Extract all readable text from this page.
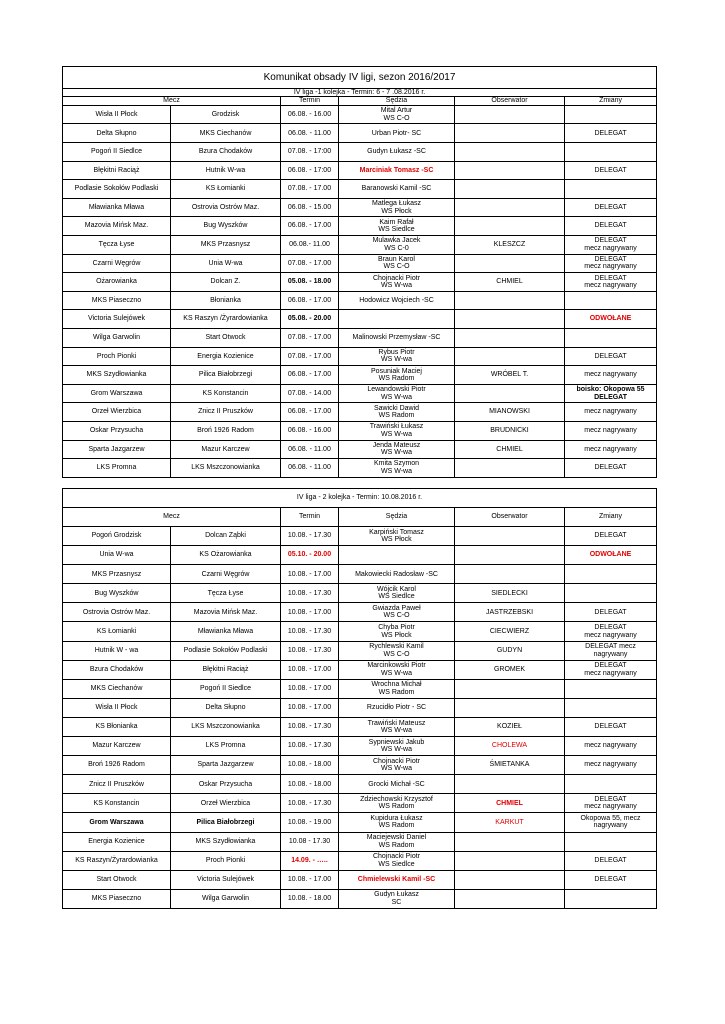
Komunikat obsady IV ligi, sezon 2016/2017					
IV liga -1 kolejka - Termin: 6 - 7 .08.2016 r.					
Mecz		Termin	Sędzia	Obserwator	Zmiany
Wisła II Płock	Grodzisk	06.08. - 16.00	Mital Artur
WS C-O		
Delta Słupno	MKS Ciechanów	06.08. - 11.00	Urban Piotr- SC		DELEGAT
Pogoń II Siedlce	Bzura Chodaków	07.08. - 17:00	Gudyn Łukasz -SC		
Błękitni Raciąż	Hutnik W-wa	06.08. - 17:00	Marciniak Tomasz -SC		DELEGAT
Podlasie Sokołów Podlaski	KS Łomianki	07.08. - 17.00	Baranowski Kamil -SC		
Mławianka Mława	Ostrovia Ostrów Maz.	06.08. - 15.00	Matlega Łukasz
WS Płock		DELEGAT
Mazovia Mińsk Maz.	Bug Wyszków	06.08. - 17.00	Kaim Rafał
WS Siedlce		DELEGAT
Tęcza Łyse	MKS Przasnysz	06.08.- 11.00	Mulawka Jacek
WS C-0	KLESZCZ	DELEGAT
mecz nagrywany
Czarni Węgrów	Unia W-wa	07.08. - 17.00	Braun Karol
WS C-O		DELEGAT
mecz nagrywany
Ożarowianka	Dolcan Z.	05.08. - 18.00	Chojnacki Piotr
WS W-wa	CHMIEL	DELEGAT
mecz nagrywany
MKS Piaseczno	Błonianka	06.08. - 17.00	Hodowicz Wojciech -SC		
Victoria Sulejówek	KS Raszyn /Żyrardowianka	05.08. - 20.00			ODWOŁANE
Wilga Garwolin	Start Otwock	07.08. - 17.00	Malinowski Przemysław -SC		
Proch Pionki	Energia Kozienice	07.08. - 17.00	Rybus Piotr
WS W-wa		DELEGAT
MKS Szydłowianka	Pilica Białobrzegi	06.08. - 17.00	Posuniak Maciej
WS Radom	WRÓBEL T.	mecz nagrywany
Grom Warszawa	KS Konstancin	07.08. - 14.00	Lewandowski Piotr
WS W-wa		boisko: Okopowa 55
DELEGAT
Orzeł Wierzbica	Znicz II Pruszków	06.08. - 17.00	Sawicki Dawid
WS Radom	MIANOWSKI	mecz nagrywany
Oskar Przysucha	Broń 1926 Radom	06.08. - 16.00	Trawiński Łukasz
WS W-wa	BRUDNICKI	mecz nagrywany
Sparta Jazgarzew	Mazur Karczew	06.08. - 11.00	Jenda Mateusz
WS W-wa	CHMIEL	mecz nagrywany
LKS Promna	LKS Mszczonowianka	06.08. - 11.00	Kmita Szymon
WS W-wa		DELEGAT
IV liga - 2 kolejka - Termin: 10.08.2016 r.					
Mecz		Termin	Sędzia	Obserwator	Zmiany
Pogoń Grodzisk	Dolcan Ząbki	10.08. - 17.30	Karpiński Tomasz
WS Płock		DELEGAT
Unia W-wa	KS Ożarowianka	05.10. - 20.00			ODWOŁANE
MKS Przasnysz	Czarni Węgrów	10.08. - 17.00	Makowiecki Radosław -SC		
Bug Wyszków	Tęcza Łyse	10.08. - 17.30	Wójcik Karol
WS Siedlce	SIEDLECKI	
Ostrovia Ostrów Maz.	Mazovia Mińsk Maz.	10.08. - 17.00	Gwiazda Paweł
WS C-O	JASTRZEBSKI	DELEGAT
KS Łomianki	Mławianka Mława	10.08. - 17.30	Chyba Piotr
WS Płock	CIECWIERZ	DELEGAT
mecz nagrywany
Hutnik W - wa	Podlasie Sokołów Podlaski	10.08. - 17.30	Rychlewski Kamil
WS C-O	GUDYN	DELEGAT mecz
nagrywany
Bzura Chodaków	Błękitni Raciąż	10.08. - 17.00	Marcinkowski Piotr
WS W-wa	GROMEK	DELEGAT
mecz nagrywany
MKS Ciechanów	Pogoń II Siedlce	10.08. - 17.00	Wrochna Michał
WS Radom		
Wisła II Płock	Delta Słupno	10.08. - 17.00	Rzucidło Piotr - SC		
KS Błonianka	LKS Mszczonowianka	10.08. - 17.30	Trawiński Mateusz
WS W-wa	KOZIEŁ	DELEGAT
Mazur Karczew	LKS Promna	10.08. - 17.30	Sypniewski Jakub
WS W-wa	CHOLEWA	mecz nagrywany
Broń 1926 Radom	Sparta Jazgarzew	10.08. - 18.00	Chojnacki Piotr
WS W-wa	ŚMIETANKA	mecz nagrywany
Znicz II Pruszków	Oskar Przysucha	10.08. - 18.00	Grocki Michał -SC		
KS Konstancin	Orzeł Wierzbica	10.08. - 17.30	Zdziechowski Krzysztof
WS Radom	CHMIEL	DELEGAT
mecz nagrywany
Grom Warszawa	Pilica Białobrzegi	10.08. - 19.00	Kupidura Łukasz
WS Radom	KARKUT	Okopowa 55, mecz
nagrywany
Energia Kozienice	MKS Szydłowianka	10.08 - 17.30	Maciejewski Daniel
WS Radom		
KS Raszyn/Żyrardowianka	Proch Pionki	14.09. - …..	Chojnacki Piotr
WS Siedlce		DELEGAT
Start Otwock	Victoria Sulejówek	10.08. - 17.00	Chmielewski Kamil -SC		DELEGAT
MKS Piaseczno	Wilga Garwolin	10.08. - 18.00	Gudyn Łukasz
SC		
